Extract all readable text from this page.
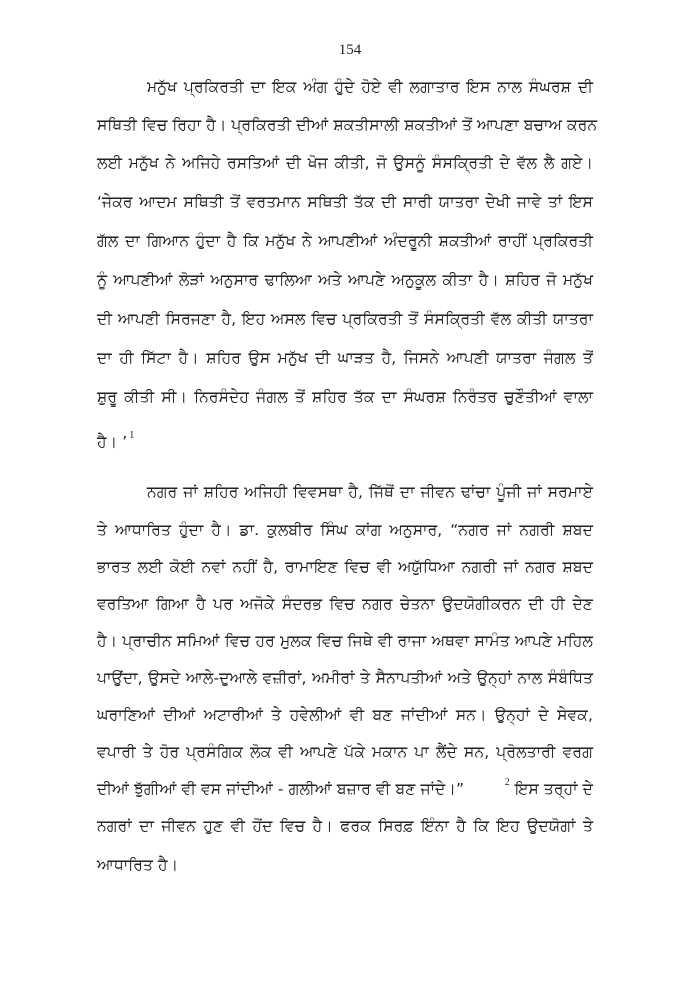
154
ਮਨੁੱਖ ਪ੍ਰਕਿਰਤੀ ਦਾ ਇਕ ਅੰਗ ਹੁੰਦੇ ਹੋਏ ਵੀ ਲਗਾਤਾਰ ਇਸ ਨਾਲ ਸੰਘਰਸ਼ ਦੀ
ਸਥਿਤੀ ਵਿਚ ਰਿਹਾ ਹੈ। ਪ੍ਰਕਿਰਤੀ ਦੀਆਂ ਸ਼ਕਤੀਸਾਲੀ ਸ਼ਕਤੀਆਂ ਤੋਂ ਆਪਣਾ ਬਚਾਅ ਕਰਨ
ਲਈ ਮਨੁੱਖ ਨੇ ਅਜਿਹੇ ਰਸਤਿਆਂ ਦੀ ਖੋਜ ਕੀਤੀ, ਜੋ ਉਸਨੂੰ ਸੰਸਕ੍ਰਿਤੀ ਦੇ ਵੱਲ ਲੈ ਗਏ।
‘ਜੇਕਰ ਆਦਮ ਸਥਿਤੀ ਤੋਂ ਵਰਤਮਾਨ ਸਥਿਤੀ ਤੱਕ ਦੀ ਸਾਰੀ ਯਾਤਰਾ ਦੇਖੀ ਜਾਵੇ ਤਾਂ ਇਸ
ਗੱਲ ਦਾ ਗਿਆਨ ਹੁੰਦਾ ਹੈ ਕਿ ਮਨੁੱਖ ਨੇ ਆਪਣੀਆਂ ਅੰਦਰੂਨੀ ਸ਼ਕਤੀਆਂ ਰਾਹੀਂ ਪ੍ਰਕਿਰਤੀ
ਨੂੰ ਆਪਣੀਆਂ ਲੋੜਾਂ ਅਨੁਸਾਰ ਢਾਲਿਆ ਅਤੇ ਆਪਣੇ ਅਨੁਕੂਲ ਕੀਤਾ ਹੈ। ਸ਼ਹਿਰ ਜੋ ਮਨੁੱਖ
ਦੀ ਆਪਣੀ ਸਿਰਜਣਾ ਹੈ, ਇਹ ਅਸਲ ਵਿਚ ਪ੍ਰਕਿਰਤੀ ਤੋਂ ਸੰਸਕ੍ਰਿਤੀ ਵੱਲ ਕੀਤੀ ਯਾਤਰਾ
ਦਾ ਹੀ ਸਿੱਟਾ ਹੈ। ਸ਼ਹਿਰ ਉਸ ਮਨੁੱਖ ਦੀ ਘਾੜਤ ਹੈ, ਜਿਸਨੇ ਆਪਣੀ ਯਾਤਰਾ ਜੰਗਲ ਤੋਂ
ਸ਼ੁਰੂ ਕੀਤੀ ਸੀ। ਨਿਰਸੰਦੇਹ ਜੰਗਲ ਤੋਂ ਸ਼ਹਿਰ ਤੱਕ ਦਾ ਸੰਘਰਸ਼ ਨਿਰੰਤਰ ਚੁਣੌਤੀਆਂ ਵਾਲਾ
ਹੈ। ’ $^1$
ਨਗਰ ਜਾਂ ਸ਼ਹਿਰ ਅਜਿਹੀ ਵਿਵਸਥਾ ਹੈ, ਜਿੱਥੋਂ ਦਾ ਜੀਵਨ ਢਾਂਚਾ ਪੂੰਜੀ ਜਾਂ ਸਰਮਾਏ
ਤੇ ਆਧਾਰਿਤ ਹੁੰਦਾ ਹੈ। ਡਾ. ਕੁਲਬੀਰ ਸਿੰਘ ਕਾਂਗ ਅਨੁਸਾਰ, “ਨਗਰ ਜਾਂ ਨਗਰੀ ਸ਼ਬਦ
ਭਾਰਤ ਲਈ ਕੋਈ ਨਵਾਂ ਨਹੀਂ ਹੈ, ਰਾਮਾਇਣ ਵਿਚ ਵੀ ਅਯੁੱਧਿਆ ਨਗਰੀ ਜਾਂ ਨਗਰ ਸ਼ਬਦ
ਵਰਤਿਆ ਗਿਆ ਹੈ ਪਰ ਅਜੋਕੇ ਸੰਦਰਭ ਵਿਚ ਨਗਰ ਚੇਤਨਾ ਉਦਯੋਗੀਕਰਨ ਦੀ ਹੀ ਦੇਣ
ਹੈ। ਪ੍ਰਾਚੀਨ ਸਮਿਆਂ ਵਿਚ ਹਰ ਮੁਲਕ ਵਿਚ ਜਿਥੇ ਵੀ ਰਾਜਾ ਅਥਵਾ ਸਾਮੰਤ ਆਪਣੇ ਮਹਿਲ
ਪਾਉਂਦਾ, ਉਸਦੇ ਆਲੇ-ਦੁਆਲੇ ਵਜ਼ੀਰਾਂ, ਅਮੀਰਾਂ ਤੇ ਸੈਨਾਪਤੀਆਂ ਅਤੇ ਉਨ੍ਹਾਂ ਨਾਲ ਸੰਬੰਧਿਤ
ਘਰਾਣਿਆਂ ਦੀਆਂ ਅਟਾਰੀਆਂ ਤੇ ਹਵੇਲੀਆਂ ਵੀ ਬਣ ਜਾਂਦੀਆਂ ਸਨ। ਉਨ੍ਹਾਂ ਦੇ ਸੇਵਕ,
ਵਪਾਰੀ ਤੇ ਹੋਰ ਪ੍ਰਸੰਗਿਕ ਲੋਕ ਵੀ ਆਪਣੇ ਪੱਕੇ ਮਕਾਨ ਪਾ ਲੈਂਦੇ ਸਨ, ਪ੍ਰੋਲਤਾਰੀ ਵਰਗ
ਦੀਆਂ ਝੁੱਗੀਆਂ ਵੀ ਵਸ ਜਾਂਦੀਆਂ - ਗਲੀਆਂ ਬਜ਼ਾਰ ਵੀ ਬਣ ਜਾਂਦੇ।”	$^2$ ਇਸ ਤਰ੍ਹਾਂ ਦੇ
ਨਗਰਾਂ ਦਾ ਜੀਵਨ ਹੁਣ ਵੀ ਹੋਂਦ ਵਿਚ ਹੈ। ਫਰਕ ਸਿਰਫ਼ ਇੰਨਾ ਹੈ ਕਿ ਇਹ ਉਦਯੋਗਾਂ ਤੇ
ਆਧਾਰਿਤ ਹੈ।
